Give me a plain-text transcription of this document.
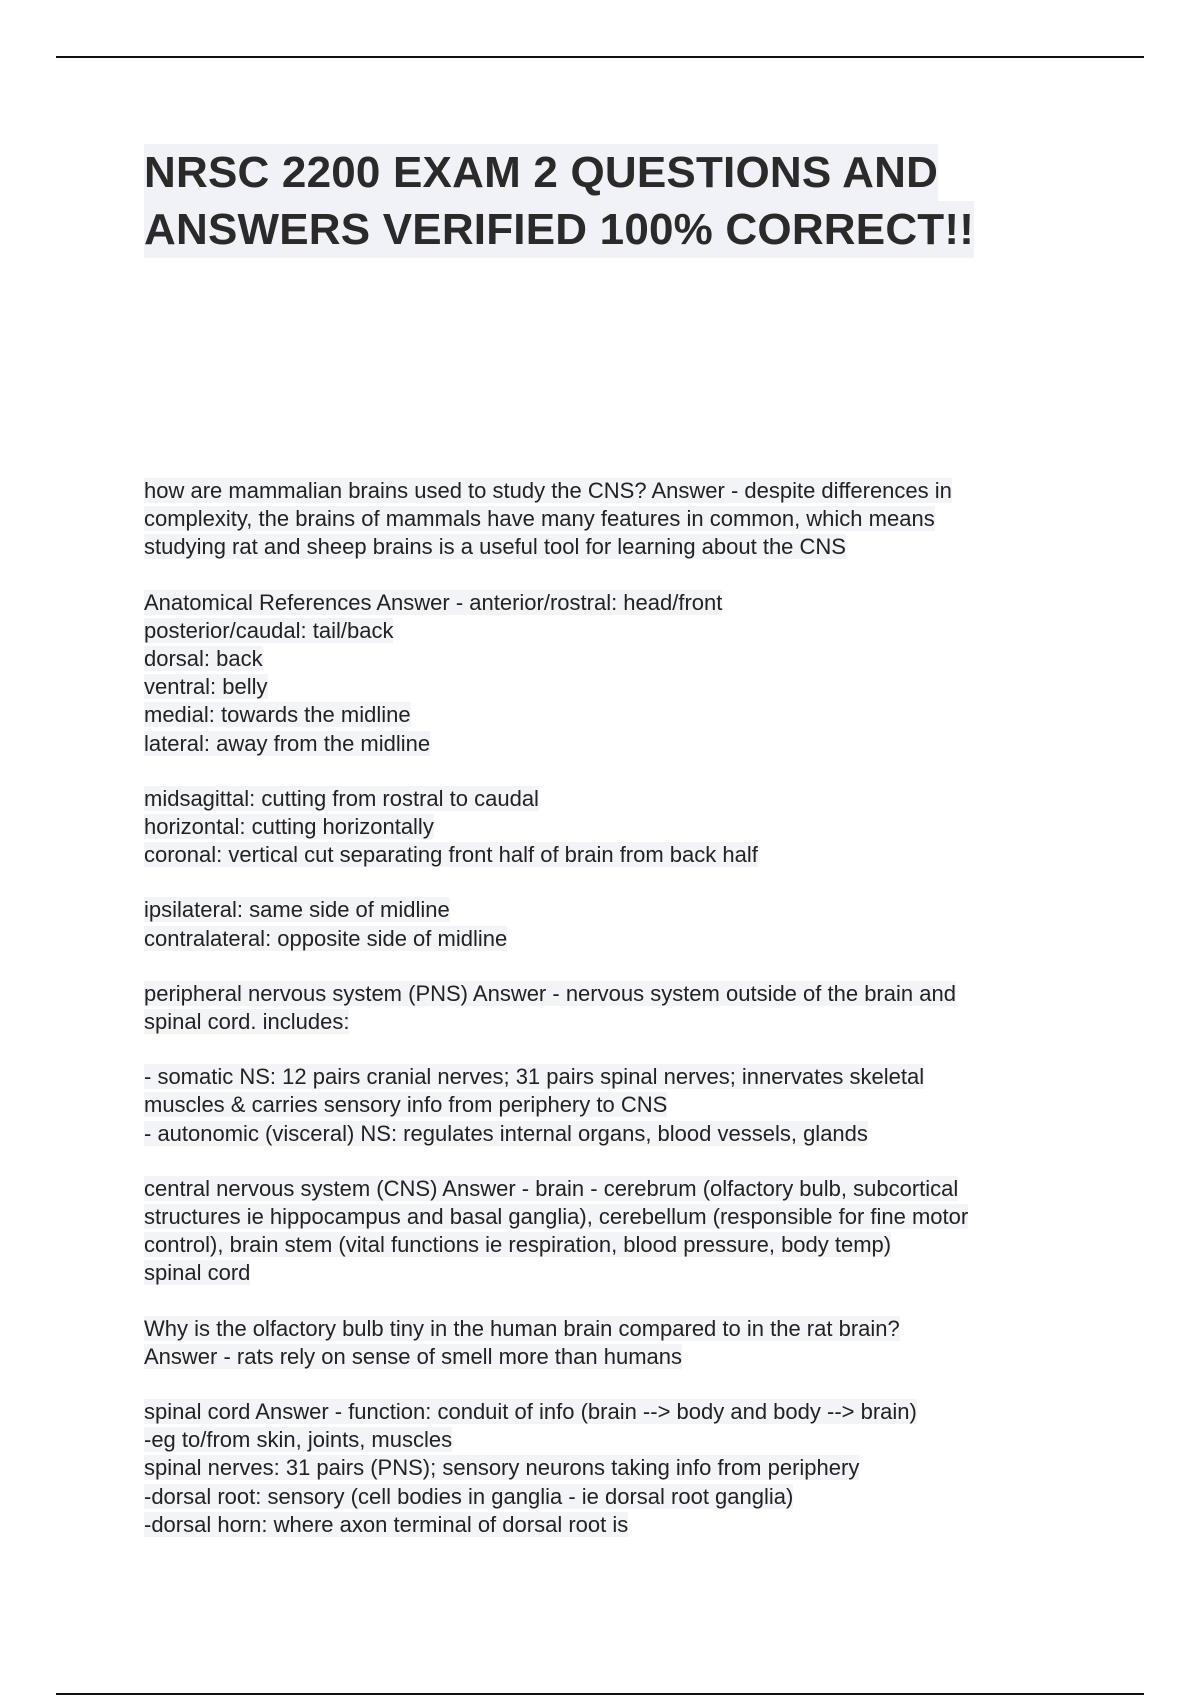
NRSC 2200 EXAM 2 QUESTIONS AND
ANSWERS VERIFIED 100% CORRECT!!
how are mammalian brains used to study the CNS? Answer - despite differences in
complexity, the brains of mammals have many features in common, which means
studying rat and sheep brains is a useful tool for learning about the CNS
Anatomical References Answer - anterior/rostral: head/front
posterior/caudal: tail/back
dorsal: back
ventral: belly
medial: towards the midline
lateral: away from the midline
midsagittal: cutting from rostral to caudal
horizontal: cutting horizontally
coronal: vertical cut separating front half of brain from back half
ipsilateral: same side of midline
contralateral: opposite side of midline
peripheral nervous system (PNS) Answer - nervous system outside of the brain and
spinal cord. includes:
- somatic NS: 12 pairs cranial nerves; 31 pairs spinal nerves; innervates skeletal
muscles & carries sensory info from periphery to CNS
- autonomic (visceral) NS: regulates internal organs, blood vessels, glands
central nervous system (CNS) Answer - brain - cerebrum (olfactory bulb, subcortical
structures ie hippocampus and basal ganglia), cerebellum (responsible for fine motor
control), brain stem (vital functions ie respiration, blood pressure, body temp)
spinal cord
Why is the olfactory bulb tiny in the human brain compared to in the rat brain?
Answer - rats rely on sense of smell more than humans
spinal cord Answer - function: conduit of info (brain --> body and body --> brain)
-eg to/from skin, joints, muscles
spinal nerves: 31 pairs (PNS); sensory neurons taking info from periphery
-dorsal root: sensory (cell bodies in ganglia - ie dorsal root ganglia)
-dorsal horn: where axon terminal of dorsal root is
